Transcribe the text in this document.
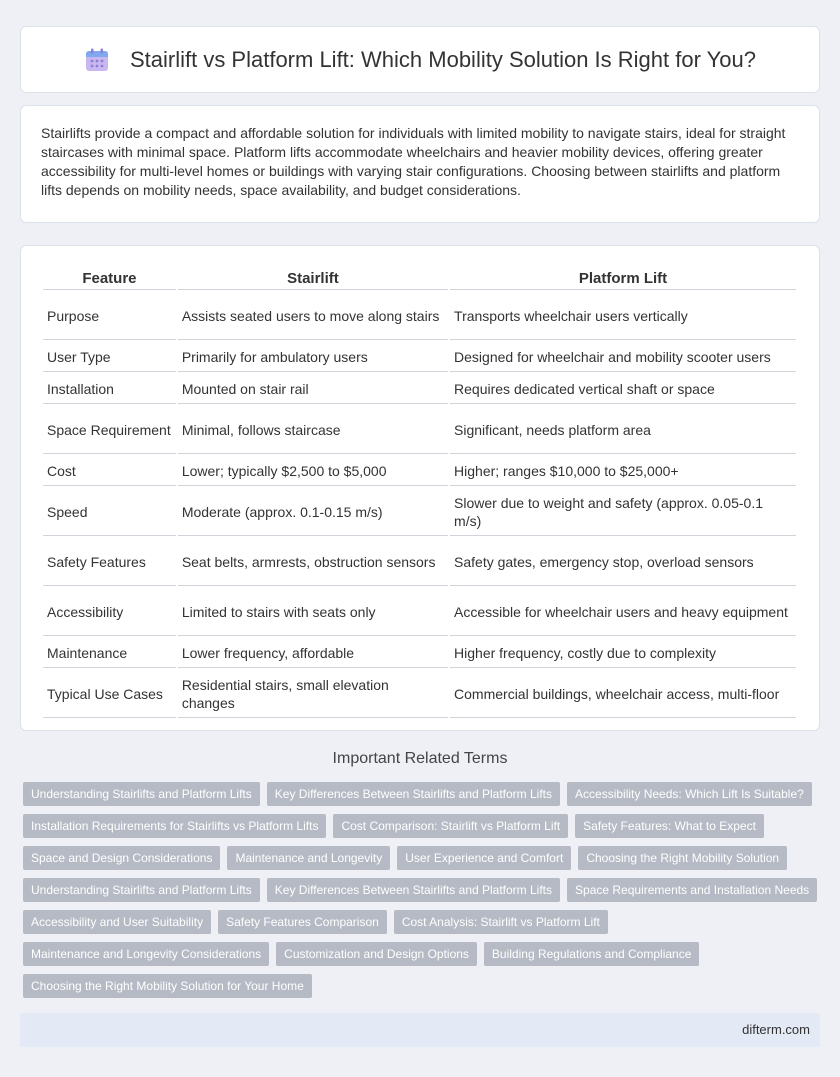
Stairlift vs Platform Lift: Which Mobility Solution Is Right for You?

Stairlifts provide a compact and affordable solution for individuals with limited mobility to navigate stairs, ideal for straight staircases with minimal space. Platform lifts accommodate wheelchairs and heavier mobility devices, offering greater accessibility for multi-level homes or buildings with varying stair configurations. Choosing between stairlifts and platform lifts depends on mobility needs, space availability, and budget considerations.

Feature	Stairlift	Platform Lift
Purpose	Assists seated users to move along stairs	Transports wheelchair users vertically
User Type	Primarily for ambulatory users	Designed for wheelchair and mobility scooter users
Installation	Mounted on stair rail	Requires dedicated vertical shaft or space
Space Requirement	Minimal, follows staircase	Significant, needs platform area
Cost	Lower; typically $2,500 to $5,000	Higher; ranges $10,000 to $25,000+
Speed	Moderate (approx. 0.1-0.15 m/s)	Slower due to weight and safety (approx. 0.05-0.1 m/s)
Safety Features	Seat belts, armrests, obstruction sensors	Safety gates, emergency stop, overload sensors
Accessibility	Limited to stairs with seats only	Accessible for wheelchair users and heavy equipment
Maintenance	Lower frequency, affordable	Higher frequency, costly due to complexity
Typical Use Cases	Residential stairs, small elevation changes	Commercial buildings, wheelchair access, multi-floor
Important Related Terms
Understanding Stairlifts and Platform Lifts	Key Differences Between Stairlifts and Platform Lifts	Accessibility Needs: Which Lift Is Suitable?
Installation Requirements for Stairlifts vs Platform Lifts	Cost Comparison: Stairlift vs Platform Lift	Safety Features: What to Expect
Space and Design Considerations	Maintenance and Longevity	User Experience and Comfort	Choosing the Right Mobility Solution
Understanding Stairlifts and Platform Lifts	Key Differences Between Stairlifts and Platform Lifts	Space Requirements and Installation Needs
Accessibility and User Suitability	Safety Features Comparison	Cost Analysis: Stairlift vs Platform Lift
Maintenance and Longevity Considerations	Customization and Design Options	Building Regulations and Compliance
Choosing the Right Mobility Solution for Your Home
difterm.com
